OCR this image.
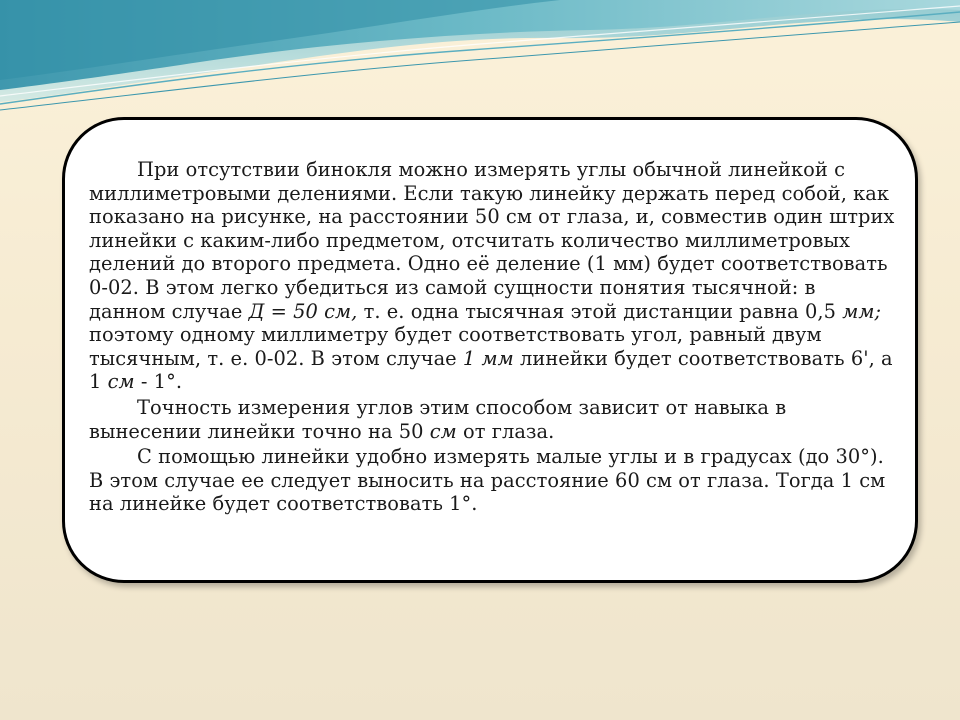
При отсутствии бинокля можно измерять углы обычной линейкой с миллиметровыми делениями. Если такую линейку держать перед собой, как показано на рисунке, на расстоянии 50 см от глаза, и, совместив один штрих линейки с каким-либо предметом, отсчитать количество миллиметровых делений до второго предмета. Одно её деление (1 мм) будет соответствовать 0-02. В этом легко убедиться из самой сущности понятия тысячной: в данном случае Д = 50 см, т. е. одна тысячная этой дистанции равна 0,5 мм; поэтому одному миллиметру будет соответствовать угол, равный двум тысячным, т. е. 0-02. В этом случае 1 мм линейки будет соответствовать 6', а 1 см - 1°.

Точность измерения углов этим способом зависит от навыка в вынесении линейки точно на 50 см от глаза.

С помощью линейки удобно измерять малые углы и в градусах (до 30°). В этом случае ее следует выносить на расстояние 60 см от глаза. Тогда 1 см на линейке будет соответствовать 1°.
